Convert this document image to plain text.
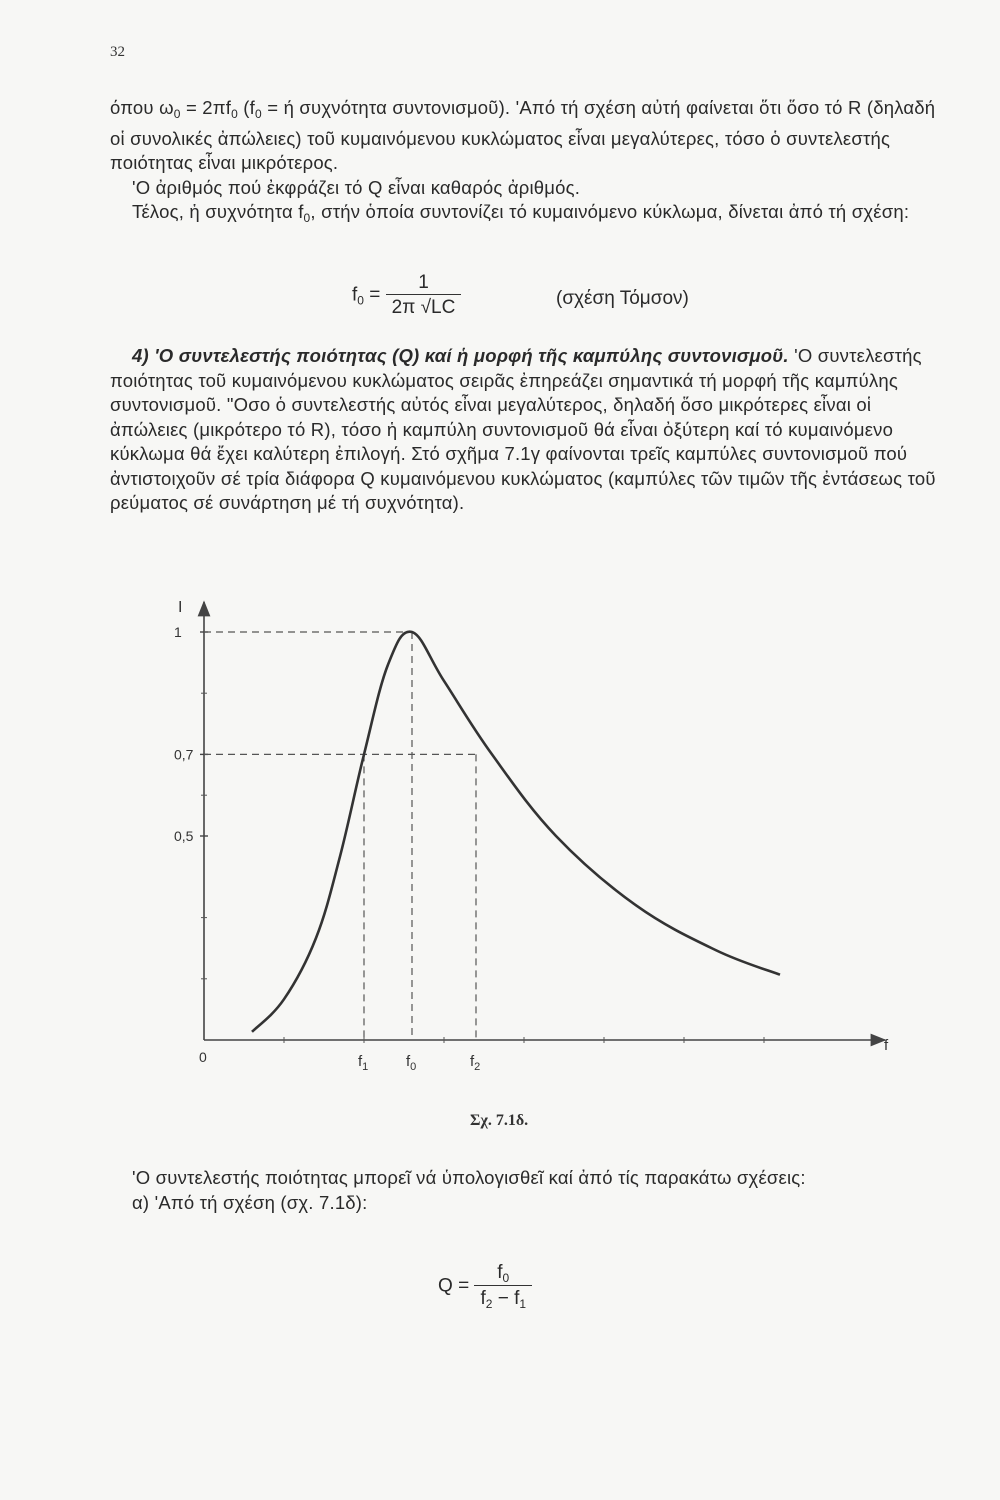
32

όπου $\omega_0 = 2\pi f_0$ ($f_0 = ή$ συχνότητα συντονισμοῦ). 'Από τή σχέση αὐτή φαίνεται ὅτι ὅσο τό R (δηλαδή οἱ συνολικές ἀπώλειες) τοῦ κυμαινόμενου κυκλώματος εἶναι μεγαλύτερες, τόσο ὁ συντελεστής ποιότητας εἶναι μικρότερος.

'Ο ἀριθμός πού ἐκφράζει τό Q εἶναι καθαρός ἀριθμός.

Τέλος, ἡ συχνότητα $f_0$, στήν ὁποία συντονίζει τό κυμαινόμενο κύκλωμα, δίνεται ἀπό τή σχέση:

$f_0 = \frac{1}{2\pi √LC}$	(σχέση Τόμσον)

4) 'Ο συντελεστής ποιότητας (Q) καί ἡ μορφή τῆς καμπύλης συντονισμοῦ. 'Ο συντελεστής ποιότητας τοῦ κυμαινόμενου κυκλώματος σειρᾶς ἐπηρεάζει σημαντικά τή μορφή τῆς καμπύλης συντονισμοῦ. "Οσο ὁ συντελεστής αὐτός εἶναι μεγαλύτερος, δηλαδή ὅσο μικρότερες εἶναι οἱ ἀπώλειες (μικρότερο τό R), τόσο ἡ καμπύλη συντονισμοῦ θά εἶναι ὀξύτερη καί τό κυμαινόμενο κύκλωμα θά ἔχει καλύτερη ἐπιλογή. Στό σχῆμα 7.1γ φαίνονται τρεῖς καμπύλες συντονισμοῦ πού ἀντιστοιχοῦν σέ τρία διάφορα Q κυμαινόμενου κυκλώματος (καμπύλες τῶν τιμῶν τῆς ἐντάσεως τοῦ ρεύματος σέ συνάρτηση μέ τή συχνότητα).

I
f
0
1
0,7
0,5
$f_1$	$f_0$	$f_2$
Σχ. 7.1δ.

'Ο συντελεστής ποιότητας μπορεῖ νά ὑπολογισθεῖ καί ἀπό τίς παρακάτω σχέσεις:

α) 'Από τή σχέση (σχ. 7.1δ):

$Q = \frac{f_0}{f_2 - f_1}$
